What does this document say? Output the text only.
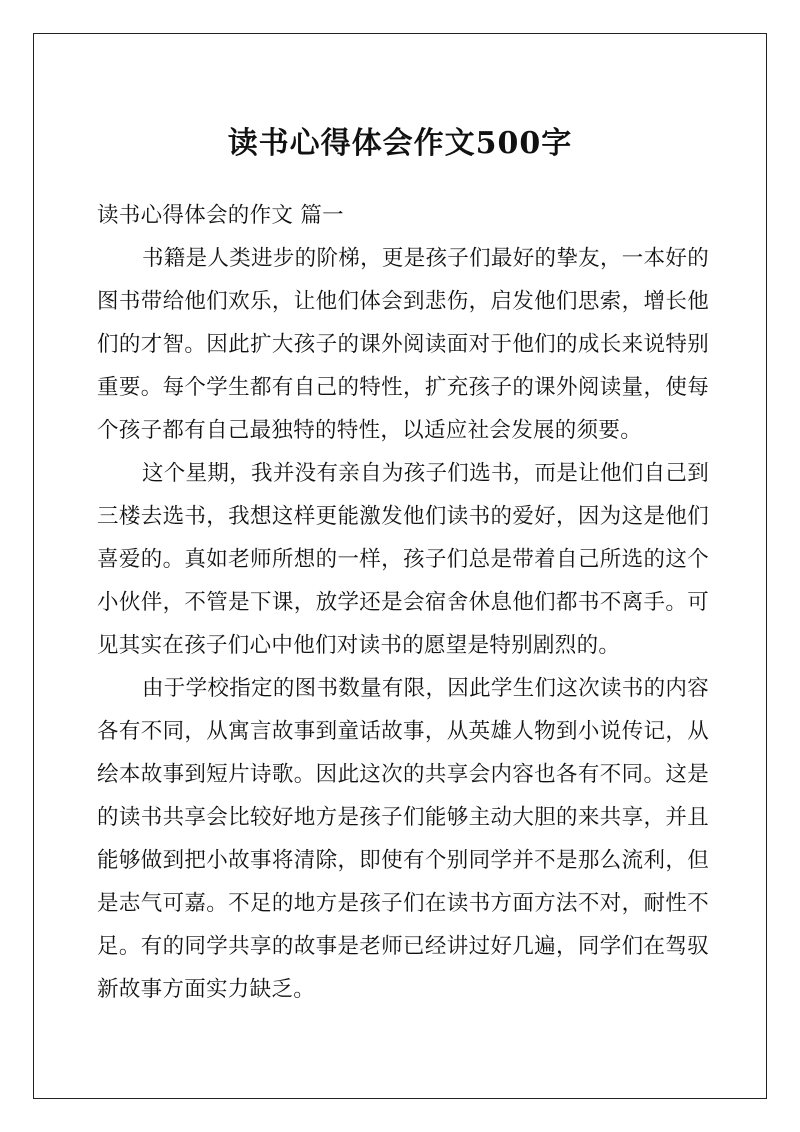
读书心得体会作文500字

读书心得体会的作文 篇一

书籍是人类进步的阶梯，更是孩子们最好的挚友，一本好的图书带给他们欢乐，让他们体会到悲伤，启发他们思索，增长他们的才智。因此扩大孩子的课外阅读面对于他们的成长来说特别重要。每个学生都有自己的特性，扩充孩子的课外阅读量，使每个孩子都有自己最独特的特性，以适应社会发展的须要。

这个星期，我并没有亲自为孩子们选书，而是让他们自己到三楼去选书，我想这样更能激发他们读书的爱好，因为这是他们喜爱的。真如老师所想的一样，孩子们总是带着自己所选的这个小伙伴，不管是下课，放学还是会宿舍休息他们都书不离手。可见其实在孩子们心中他们对读书的愿望是特别剧烈的。

由于学校指定的图书数量有限，因此学生们这次读书的内容各有不同，从寓言故事到童话故事，从英雄人物到小说传记，从绘本故事到短片诗歌。因此这次的共享会内容也各有不同。这是的读书共享会比较好地方是孩子们能够主动大胆的来共享，并且能够做到把小故事将清除，即使有个别同学并不是那么流利，但是志气可嘉。不足的地方是孩子们在读书方面方法不对，耐性不足。有的同学共享的故事是老师已经讲过好几遍，同学们在驾驭新故事方面实力缺乏。
